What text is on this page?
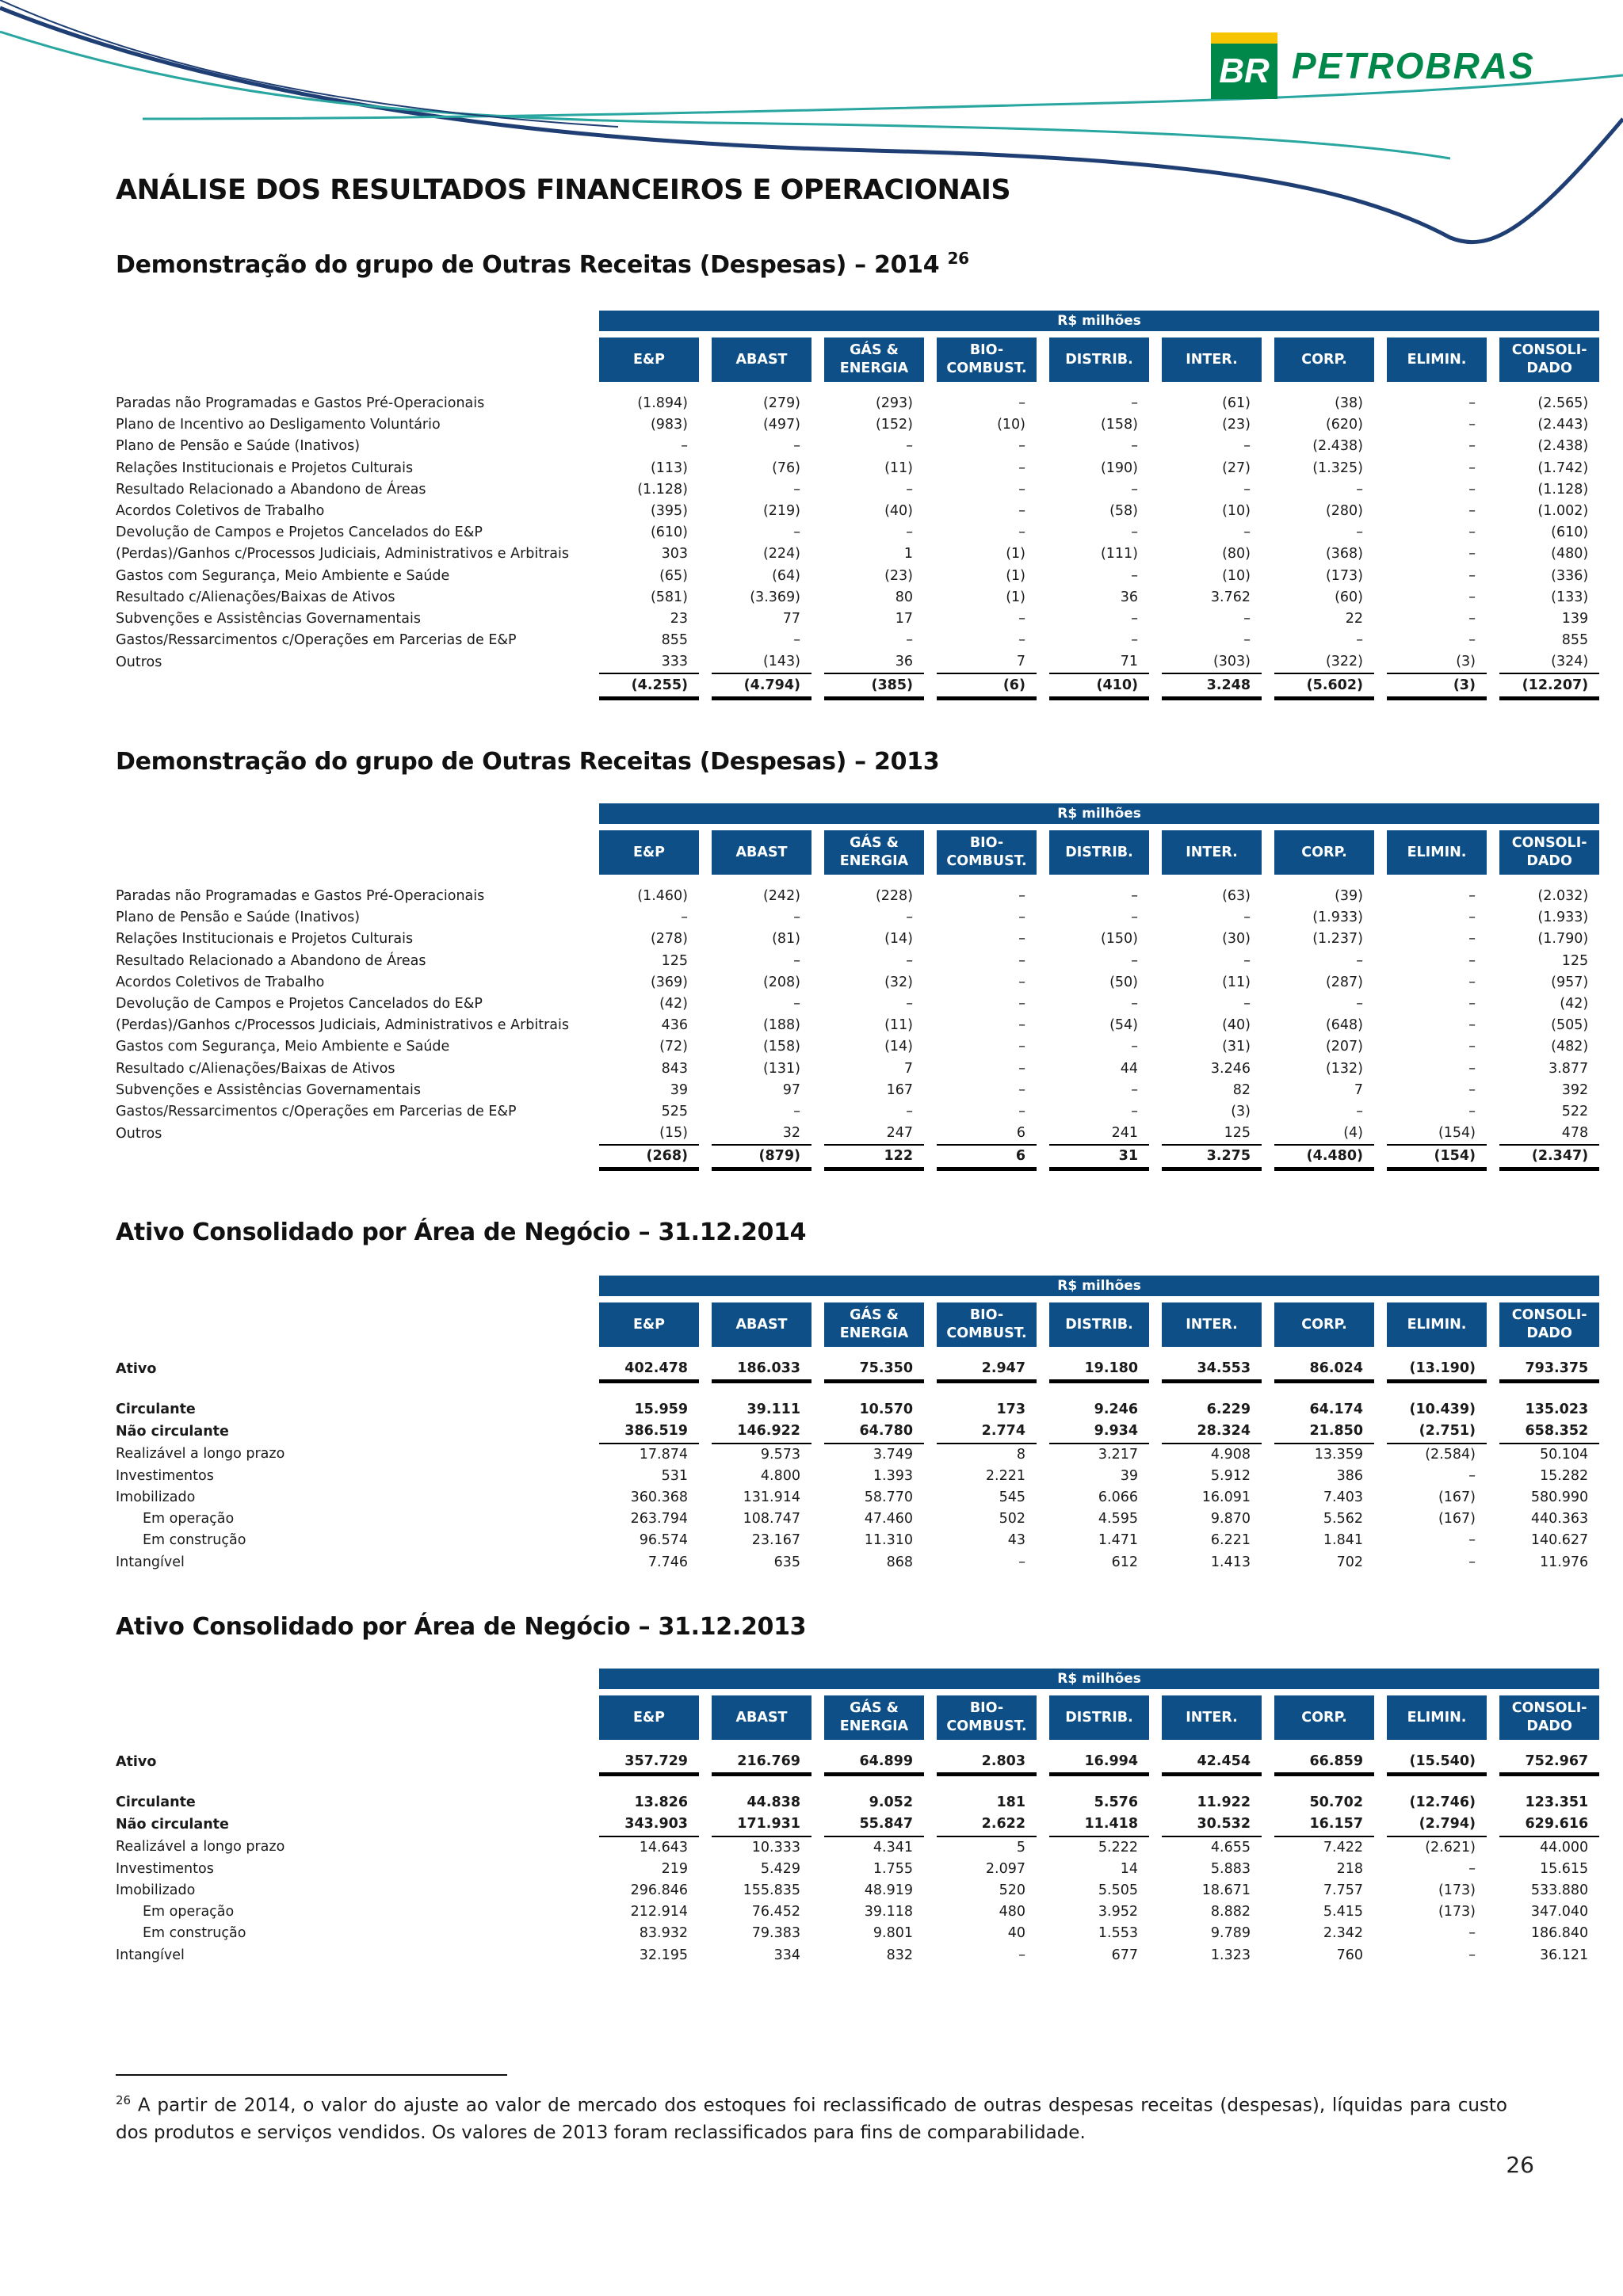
BR PETROBRAS
ANÁLISE DOS RESULTADOS FINANCEIROS E OPERACIONAIS
Demonstração do grupo de Outras Receitas (Despesas) – 2014 $^{26}$
	R$ milhões																

	E&P		ABAST		GÁS & ENERGIA		BIO-COMBUST.		DISTRIB.		INTER.		CORP.		ELIMIN.		CONSOLI-DADO

Paradas não Programadas e Gastos Pré-Operacionais	(1.894)		(279)		(293)		–		–		(61)		(38)		–		(2.565)
Plano de Incentivo ao Desligamento Voluntário	(983)		(497)		(152)		(10)		(158)		(23)		(620)		–		(2.443)
Plano de Pensão e Saúde (Inativos)	–		–		–		–		–		–		(2.438)		–		(2.438)
Relações Institucionais e Projetos Culturais	(113)		(76)		(11)		–		(190)		(27)		(1.325)		–		(1.742)
Resultado Relacionado a Abandono de Áreas	(1.128)		–		–		–		–		–		–		–		(1.128)
Acordos Coletivos de Trabalho	(395)		(219)		(40)		–		(58)		(10)		(280)		–		(1.002)
Devolução de Campos e Projetos Cancelados do E&P	(610)		–		–		–		–		–		–		–		(610)
(Perdas)/Ganhos c/Processos Judiciais, Administrativos e Arbitrais	303		(224)		1		(1)		(111)		(80)		(368)		–		(480)
Gastos com Segurança, Meio Ambiente e Saúde	(65)		(64)		(23)		(1)		–		(10)		(173)		–		(336)
Resultado c/Alienações/Baixas de Ativos	(581)		(3.369)		80		(1)		36		3.762		(60)		–		(133)
Subvenções e Assistências Governamentais	23		77		17		–		–		–		22		–		139
Gastos/Ressarcimentos c/Operações em Parcerias de E&P	855		–		–		–		–		–		–		–		855
Outros	333		(143)		36		7		71		(303)		(322)		(3)		(324)
	(4.255)		(4.794)		(385)		(6)		(410)		3.248		(5.602)		(3)		(12.207)
Demonstração do grupo de Outras Receitas (Despesas) – 2013
	R$ milhões																

	E&P		ABAST		GÁS & ENERGIA		BIO-COMBUST.		DISTRIB.		INTER.		CORP.		ELIMIN.		CONSOLI-DADO

Paradas não Programadas e Gastos Pré-Operacionais	(1.460)		(242)		(228)		–		–		(63)		(39)		–		(2.032)
Plano de Pensão e Saúde (Inativos)	–		–		–		–		–		–		(1.933)		–		(1.933)
Relações Institucionais e Projetos Culturais	(278)		(81)		(14)		–		(150)		(30)		(1.237)		–		(1.790)
Resultado Relacionado a Abandono de Áreas	125		–		–		–		–		–		–		–		125
Acordos Coletivos de Trabalho	(369)		(208)		(32)		–		(50)		(11)		(287)		–		(957)
Devolução de Campos e Projetos Cancelados do E&P	(42)		–		–		–		–		–		–		–		(42)
(Perdas)/Ganhos c/Processos Judiciais, Administrativos e Arbitrais	436		(188)		(11)		–		(54)		(40)		(648)		–		(505)
Gastos com Segurança, Meio Ambiente e Saúde	(72)		(158)		(14)		–		–		(31)		(207)		–		(482)
Resultado c/Alienações/Baixas de Ativos	843		(131)		7		–		44		3.246		(132)		–		3.877
Subvenções e Assistências Governamentais	39		97		167		–		–		82		7		–		392
Gastos/Ressarcimentos c/Operações em Parcerias de E&P	525		–		–		–		–		(3)		–		–		522
Outros	(15)		32		247		6		241		125		(4)		(154)		478
	(268)		(879)		122		6		31		3.275		(4.480)		(154)		(2.347)
Ativo Consolidado por Área de Negócio – 31.12.2014
	R$ milhões																

	E&P		ABAST		GÁS & ENERGIA		BIO-COMBUST.		DISTRIB.		INTER.		CORP.		ELIMIN.		CONSOLI-DADO

Ativo	402.478		186.033		75.350		2.947		19.180		34.553		86.024		(13.190)		793.375

Circulante	15.959		39.111		10.570		173		9.246		6.229		64.174		(10.439)		135.023
Não circulante	386.519		146.922		64.780		2.774		9.934		28.324		21.850		(2.751)		658.352
Realizável a longo prazo	17.874		9.573		3.749		8		3.217		4.908		13.359		(2.584)		50.104
Investimentos	531		4.800		1.393		2.221		39		5.912		386		–		15.282
Imobilizado	360.368		131.914		58.770		545		6.066		16.091		7.403		(167)		580.990
Em operação	263.794		108.747		47.460		502		4.595		9.870		5.562		(167)		440.363
Em construção	96.574		23.167		11.310		43		1.471		6.221		1.841		–		140.627
Intangível	7.746		635		868		–		612		1.413		702		–		11.976
Ativo Consolidado por Área de Negócio – 31.12.2013
	R$ milhões																

	E&P		ABAST		GÁS & ENERGIA		BIO-COMBUST.		DISTRIB.		INTER.		CORP.		ELIMIN.		CONSOLI-DADO

Ativo	357.729		216.769		64.899		2.803		16.994		42.454		66.859		(15.540)		752.967

Circulante	13.826		44.838		9.052		181		5.576		11.922		50.702		(12.746)		123.351
Não circulante	343.903		171.931		55.847		2.622		11.418		30.532		16.157		(2.794)		629.616
Realizável a longo prazo	14.643		10.333		4.341		5		5.222		4.655		7.422		(2.621)		44.000
Investimentos	219		5.429		1.755		2.097		14		5.883		218		–		15.615
Imobilizado	296.846		155.835		48.919		520		5.505		18.671		7.757		(173)		533.880
Em operação	212.914		76.452		39.118		480		3.952		8.882		5.415		(173)		347.040
Em construção	83.932		79.383		9.801		40		1.553		9.789		2.342		–		186.840
Intangível	32.195		334		832		–		677		1.323		760		–		36.121
$^{26}$ A partir de 2014, o valor do ajuste ao valor de mercado dos estoques foi reclassificado de outras despesas receitas (despesas), líquidas para custo dos produtos e serviços vendidos. Os valores de 2013 foram reclassificados para fins de comparabilidade.
26
